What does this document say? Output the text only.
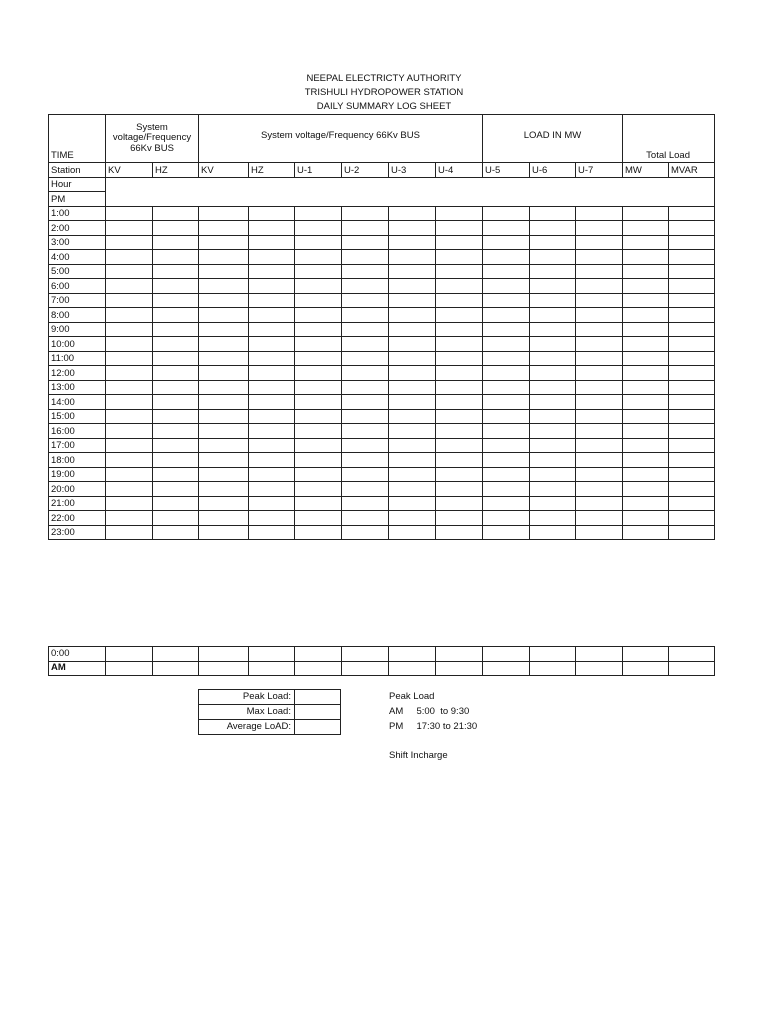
NEEPAL ELECTRICTY AUTHORITY
TRISHULI HYDROPOWER STATION
DAILY SUMMARY LOG SHEET
TIME	System voltage/Frequency 66Kv BUS		System voltage/Frequency 66Kv BUS						LOAD IN MW			Total Load	
Station	KV	HZ	KV	HZ	U-1	U-2	U-3	U-4	U-5	U-6	U-7	MW	MVAR
Hour													
PM													
1:00													
2:00													
3:00													
4:00													
5:00													
6:00													
7:00													
8:00													
9:00													
10:00													
11:00													
12:00													
13:00													
14:00													
15:00													
16:00													
17:00													
18:00													
19:00													
20:00													
21:00													
22:00													
23:00													
0:00													
AM													
Peak Load:	
Max Load:	
Average LoAD:	
Peak Load
AM     5:00  to 9:30
PM     17:30 to 21:30
Shift Incharge
